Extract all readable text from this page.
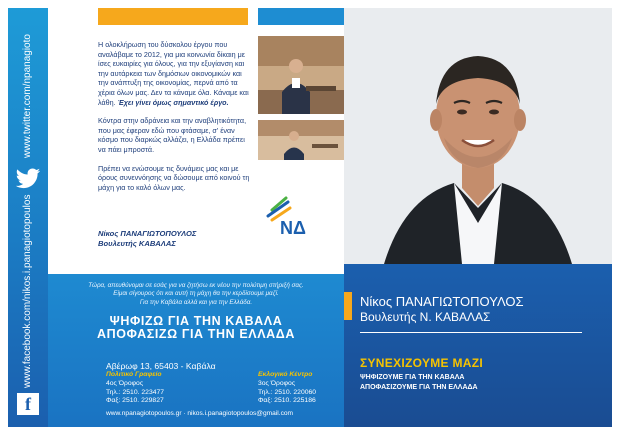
www.twitter.com/npanagioto
www.facebook.com/nikos.i.panagiotopoulos
f

Η ολοκλήρωση του δύσκολου έργου που αναλάβαμε το 2012, για μια κοινωνία δίκαιη με ίσες ευκαιρίες για όλους, για την εξυγίανση και την αυτάρκεια των δημόσιων οικονομικών και την ανάπτυξη της οικονομίας, περνά από τα χέρια όλων μας. Δεν τα κάναμε όλα. Κάναμε και λάθη. Έχει γίνει όμως σημαντικό έργο.

Κόντρα στην αδράνεια και την αναβλητικότητα, που μας έφεραν εδώ που φτάσαμε, σ' έναν κόσμο που διαρκώς αλλάζει, η Ελλάδα πρέπει να πάει μπροστά.

Πρέπει να ενώσουμε τις δυνάμεις μας και με όρους συνεννόησης να δώσουμε από κοινού τη μάχη για το καλό όλων μας.

Νίκος ΠΑΝΑΓΙΩΤΟΠΟΥΛΟΣ
Βουλευτής ΚΑΒΑΛΑΣ
ΝΔ
Τώρα, απευθύνομαι σε εσάς για να ζητήσω εκ νέου την πολύτιμη στήριξή σας.
Είμαι σίγουρος ότι και αυτή τη μάχη θα την κερδίσουμε μαζί.
Για την Καβάλα αλλά και για την Ελλάδα.
ΨΗΦΙΖΩ ΓΙΑ ΤΗΝ ΚΑΒΑΛΑ
ΑΠΟΦΑΣΙΖΩ ΓΙΑ ΤΗΝ ΕΛΛΑΔΑ
Αβέρωφ 13, 65403 - Καβάλα
Πολιτικό Γραφείο
4ος Όροφος
Τηλ.: 2510. 223477
Φαξ: 2510. 229827
Εκλογικό Κέντρο
3ος Όροφος
Τηλ.: 2510. 220060
Φαξ: 2510. 225186
www.npanagiotopoulos.gr · nikos.i.panagiotopoulos@gmail.com
Νίκος ΠΑΝΑΓΙΩΤΟΠΟΥΛΟΣ
Βουλευτής Ν. ΚΑΒΑΛΑΣ
ΣΥΝΕΧΙΖΟΥΜΕ ΜΑΖΙ
ΨΗΦΙΖΟΥΜΕ ΓΙΑ ΤΗΝ ΚΑΒΑΛΑ
ΑΠΟΦΑΣΙΖΟΥΜΕ ΓΙΑ ΤΗΝ ΕΛΛΑΔΑ
